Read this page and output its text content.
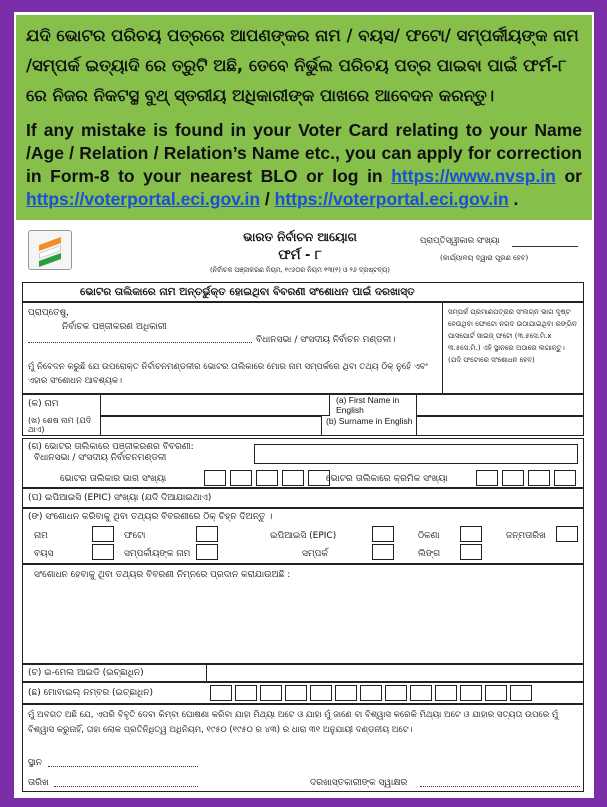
ଯଦି ଭୋଟର ପରିଚୟ ପତ୍ରରେ ଆପଣଙ୍କର ନାମ / ବୟସ/ ଫଟୋ/ ସମ୍ପର୍କୀୟଙ୍କ ନାମ /ସମ୍ପର୍କ ଇତ୍ୟାଦି ରେ ତ୍ରୁଟି ଅଛି, ତେବେ ନିର୍ଭୁଲ ପରିଚୟ ପତ୍ର ପାଇବା ପାଇଁ ଫର୍ମ-୮ ରେ ନିଜର ନିକଟସ୍ଥ ବୁଥ୍ ସ୍ତରୀୟ ଅଧିକାରୀଙ୍କ ପାଖରେ ଆବେଦନ କରନ୍ତୁ।

If any mistake is found in your Voter Card relating to your Name /Age / Relation / Relation’s Name etc., you can apply for correction in Form-8 to your nearest BLO or log in https://www.nvsp.in or https://voterportal.eci.gov.in / https://voterportal.eci.gov.in .

ଭାରତ ନିର୍ବାଚନ ଆୟୋଗ
ଫର୍ମ - ୮
(ନିର୍ବାଚକ ପଞ୍ଜୀକରଣ ନିୟମ, ୧୯୬୦ର ନିୟମ ୧୩(୧) ଓ ୨୬ ଦ୍ରଷ୍ଟବ୍ୟ)
ପ୍ରାପ୍ତିସ୍ୱୀକାର ସଂଖ୍ୟା
(କାର୍ଯ୍ୟାଳୟ ଦ୍ୱାରା ପୂରଣ ହେବ)
ଭୋଟର ତାଲିକାରେ ନାମ ଅନ୍ତର୍ଭୁକ୍ତ ହୋଇଥିବା ବିବରଣୀ ସଂଶୋଧନ ପାଇଁ ଦରଖାସ୍ତ
ପ୍ରାପ୍ତେଷୁ,
ନିର୍ବାଚକ ପଞ୍ଜୀକରଣ ଅଧିକାରୀ
ବିଧାନସଭା / ସଂସଦୀୟ ନିର୍ବାଚନ ମଣ୍ଡଳୀ।
ସମ୍ପର୍କ ପ୍ରମାଣପତ୍ରର ସଂଲଗ୍ନ ଭାଗ ଦୃଷ୍ଟ ହେଉଥିବା ଫୋଟୋ ନଗଦ ଉଠାଯାଇଥିବା ରଙ୍ଗିନ ପାସପୋର୍ଟ ସାଇଜ୍ ଫଟୋ (୩.୫ସେ.ମି.x ୩.୫ସେ.ମି.) ଏହି ସ୍ଥାନରେ ଅଠାରେ ଲଗାନ୍ତୁ। (ଯଦି ଫଟୋରେ ସଂଶୋଧନ ହେବ)
ମୁଁ ନିବେଦନ କରୁଛି ଯେ ଉପରୋକ୍ତ ନିର୍ବାଚନମଣ୍ଡଳୀର ଭୋଟର ତାଲିକାରେ ମୋର ନାମ ସମ୍ପର୍କରେ ଥିବା ତଥ୍ୟ ଠିକ୍ ନୁହେଁ ଏବଂ ଏହାର ସଂଶୋଧନ ଆବଶ୍ୟକ।
(କ) ନାମ	(a) First Name in English
(ଖ) ଶେଷ ନାମ (ଯଦି ଥାଏ)
(b) Surname in English
(ଗ) ଭୋଟର ତାଲିକାରେ ପଞ୍ଜୀକରଣର ବିବରଣୀ:
ବିଧାନସଭା / ସଂସଦୀୟ ନିର୍ବାଚନମଣ୍ଡଳୀ
ଭୋଟର ତାଲିକାର ଭାଗ ସଂଖ୍ୟା	ଭୋଟର ତାଲିକାରେ କ୍ରମିକ ସଂଖ୍ୟା
(ଘ) ଇପିଆଇସି (EPIC) ସଂଖ୍ୟା (ଯଦି ଦିଆଯାଇଥାଏ)
(ଙ) ସଂଶୋଧନ କରିବାକୁ ଥିବା ତଥ୍ୟର ବିବରଣୀରେ ଠିକ୍ ଚିହ୍ନ ଦିଅନ୍ତୁ ।
ନାମ	ଫଟୋ	ଇପିଆଇସି (EPIC)	ଠିକଣା	ଜନ୍ମତାରିଖ
ବୟସ	ସମ୍ପର୍କୀୟଙ୍କ ନାମ	ସମ୍ପର୍କ	ଲିଙ୍ଗ
ସଂଶୋଧନ ହେବାକୁ ଥିବା ତଥ୍ୟର ବିବରଣୀ ନିମ୍ନରେ ପ୍ରଦାନ କରାଯାଉଅଛି :
(ଚ) ଇ-ମେଲ ଆଇଡି (ଇଚ୍ଛାଧିନ)
(ଛ) ମୋବାଇଲ୍ ନମ୍ବର (ଇଚ୍ଛାଧିନ)
ମୁଁ ଅବଗତ ଅଛି ଯେ, ଏପରି ବିବୃତି ଦେବା କିମ୍ବା ଘୋଷଣା କରିବା ଯାହା ମିଥ୍ୟା ଅଟେ ଓ ଯାହା ମୁଁ ଜାଣେ ବା ବିଶ୍ୱାସ କରେକି ମିଥ୍ୟା ଅଟେ ଓ ଯାହାର ସତ୍ୟତା ଉପରେ ମୁଁ ବିଶ୍ୱାସ କରୁନାହିଁ, ତାହା ଲୋକ ପ୍ରତିନିଧିତ୍ୱ ଅଧିନିୟମ, ୧୯୫୦ (୧୯୫୦ ର ୪୩) ର ଧାରା ୩୧ ଅନୁଯାୟୀ ଦଣ୍ଡନୀୟ ଅଟେ।
ସ୍ଥାନ
ତାରିଖ	ଦରଖାସ୍ତକାରୀଙ୍କ ସ୍ୱାକ୍ଷର
